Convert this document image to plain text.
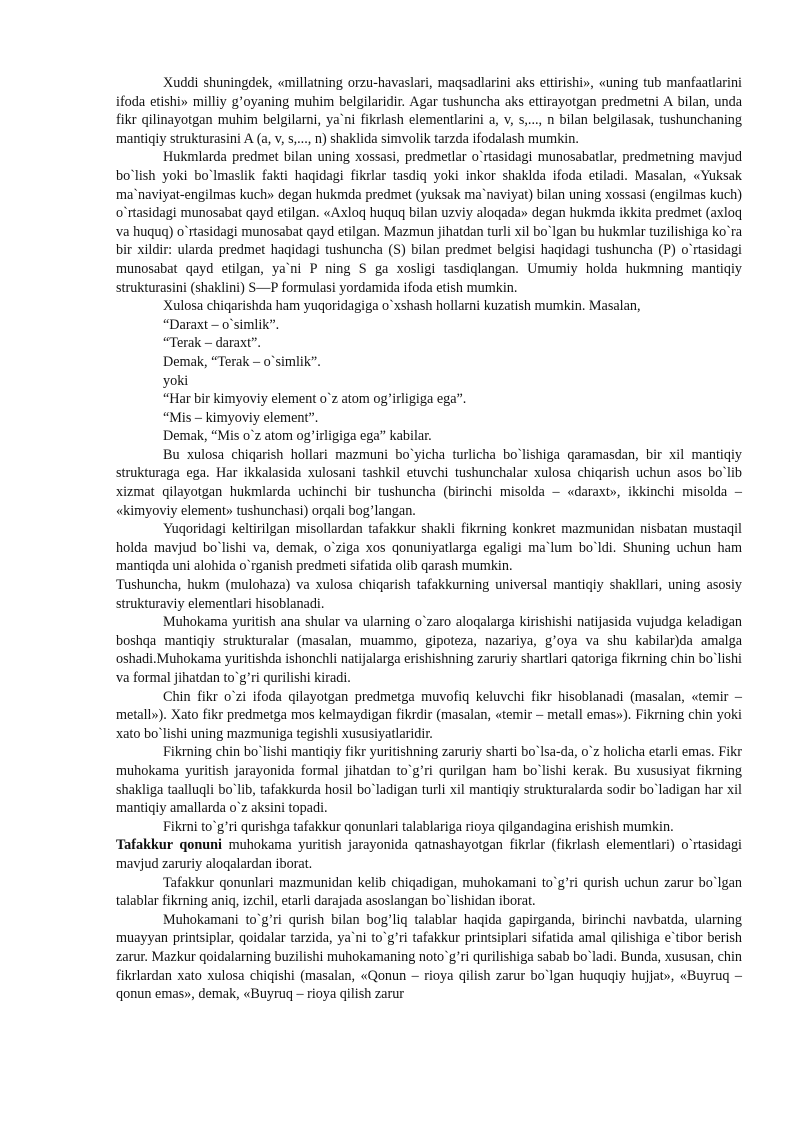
Xuddi shuningdek, «millatning orzu-havaslari, maqsadlarini aks ettirishi», «uning tub manfaatlarini ifoda etishi» milliy g’oyaning muhim belgilaridir. Agar tushuncha aks ettirayotgan predmetni A bilan, unda fikr qilinayotgan muhim belgilarni, ya`ni fikrlash elementlarini a, v, s,..., n bilan belgilasak, tushunchaning mantiqiy strukturasini A (a, v, s,..., n) shaklida simvolik tarzda ifodalash mumkin.

Hukmlarda predmet bilan uning xossasi, predmetlar o`rtasidagi munosabatlar, predmetning mavjud bo`lish yoki bo`lmaslik fakti haqidagi fikrlar tasdiq yoki inkor shaklda ifoda etiladi. Masalan, «Yuksak ma`naviyat-engilmas kuch» degan hukmda predmet (yuksak ma`naviyat) bilan uning xossasi (engilmas kuch) o`rtasidagi munosabat qayd etilgan. «Axloq huquq bilan uzviy aloqada» degan hukmda ikkita predmet (axloq va huquq) o`rtasidagi munosabat qayd etilgan. Mazmun jihatdan turli xil bo`lgan bu hukmlar tuzilishiga ko`ra bir xildir: ularda predmet haqidagi tushuncha (S) bilan predmet belgisi haqidagi tushuncha (P) o`rtasidagi munosabat qayd etilgan, ya`ni P ning S ga xosligi tasdiqlangan. Umumiy holda hukmning mantiqiy strukturasini (shaklini) S—P formulasi yordamida ifoda etish mumkin.

Xulosa chiqarishda ham yuqoridagiga o`xshash hollarni kuzatish mumkin. Masalan,

“Daraxt – o`simlik”.

“Terak – daraxt”.

Demak, “Terak – o`simlik”.

yoki

“Har bir kimyoviy element o`z atom og’irligiga ega”.

“Mis – kimyoviy element”.

Demak, “Mis o`z atom og’irligiga ega” kabilar.

Bu xulosa chiqarish hollari mazmuni bo`yicha turlicha bo`lishiga qaramasdan, bir xil mantiqiy strukturaga ega. Har ikkalasida xulosani tashkil etuvchi tushunchalar xulosa chiqarish uchun asos bo`lib xizmat qilayotgan hukmlarda uchinchi bir tushuncha (birinchi misolda – «daraxt», ikkinchi misolda – «kimyoviy element» tushunchasi) orqali bog’langan.

Yuqoridagi keltirilgan misollardan tafakkur shakli fikrning konkret mazmunidan nisbatan mustaqil holda mavjud bo`lishi va, demak, o`ziga xos qonuniyatlarga egaligi ma`lum bo`ldi. Shuning uchun ham mantiqda uni alohida o`rganish predmeti sifatida olib qarash mumkin.

Tushuncha, hukm (mulohaza) va xulosa chiqarish tafakkurning universal mantiqiy shakllari, uning asosiy strukturaviy elementlari hisoblanadi.

Muhokama yuritish ana shular va ularning o`zaro aloqalarga kirishishi natijasida vujudga keladigan boshqa mantiqiy strukturalar (masalan, muammo, gipoteza, nazariya, g’oya va shu kabilar)da amalga oshadi.Muhokama yuritishda ishonchli natijalarga erishishning zaruriy shartlari qatoriga fikrning chin bo`lishi va formal jihatdan to`g’ri qurilishi kiradi.

Chin fikr o`zi ifoda qilayotgan predmetga muvofiq keluvchi fikr hisoblanadi (masalan, «temir – metall»). Xato fikr predmetga mos kelmaydigan fikrdir (masalan, «temir – metall emas»). Fikrning chin yoki xato bo`lishi uning mazmuniga tegishli xususiyatlaridir.

Fikrning chin bo`lishi mantiqiy fikr yuritishning zaruriy sharti bo`lsa-da, o`z holicha etarli emas. Fikr muhokama yuritish jarayonida formal jihatdan to`g’ri qurilgan ham bo`lishi kerak. Bu xususiyat fikrning shakliga taalluqli bo`lib, tafakkurda hosil bo`ladigan turli xil mantiqiy strukturalarda sodir bo`ladigan har xil mantiqiy amallarda o`z aksini topadi.

Fikrni to`g’ri qurishga tafakkur qonunlari talablariga rioya qilgandagina erishish mumkin.

Tafakkur qonuni muhokama yuritish jarayonida qatnashayotgan fikrlar (fikrlash elementlari) o`rtasidagi mavjud zaruriy aloqalardan iborat.

Tafakkur qonunlari mazmunidan kelib chiqadigan, muhokamani to`g’ri qurish uchun zarur bo`lgan talablar fikrning aniq, izchil, etarli darajada asoslangan bo`lishidan iborat.

Muhokamani to`g’ri qurish bilan bog’liq talablar haqida gapirganda, birinchi navbatda, ularning muayyan printsiplar, qoidalar tarzida, ya`ni to`g’ri tafakkur printsiplari sifatida amal qilishiga e`tibor berish zarur. Mazkur qoidalarning buzilishi muhokamaning noto`g’ri qurilishiga sabab bo`ladi. Bunda, xususan, chin fikrlardan xato xulosa chiqishi (masalan, «Qonun – rioya qilish zarur bo`lgan huquqiy hujjat», «Buyruq – qonun emas», demak, «Buyruq – rioya qilish zarur
